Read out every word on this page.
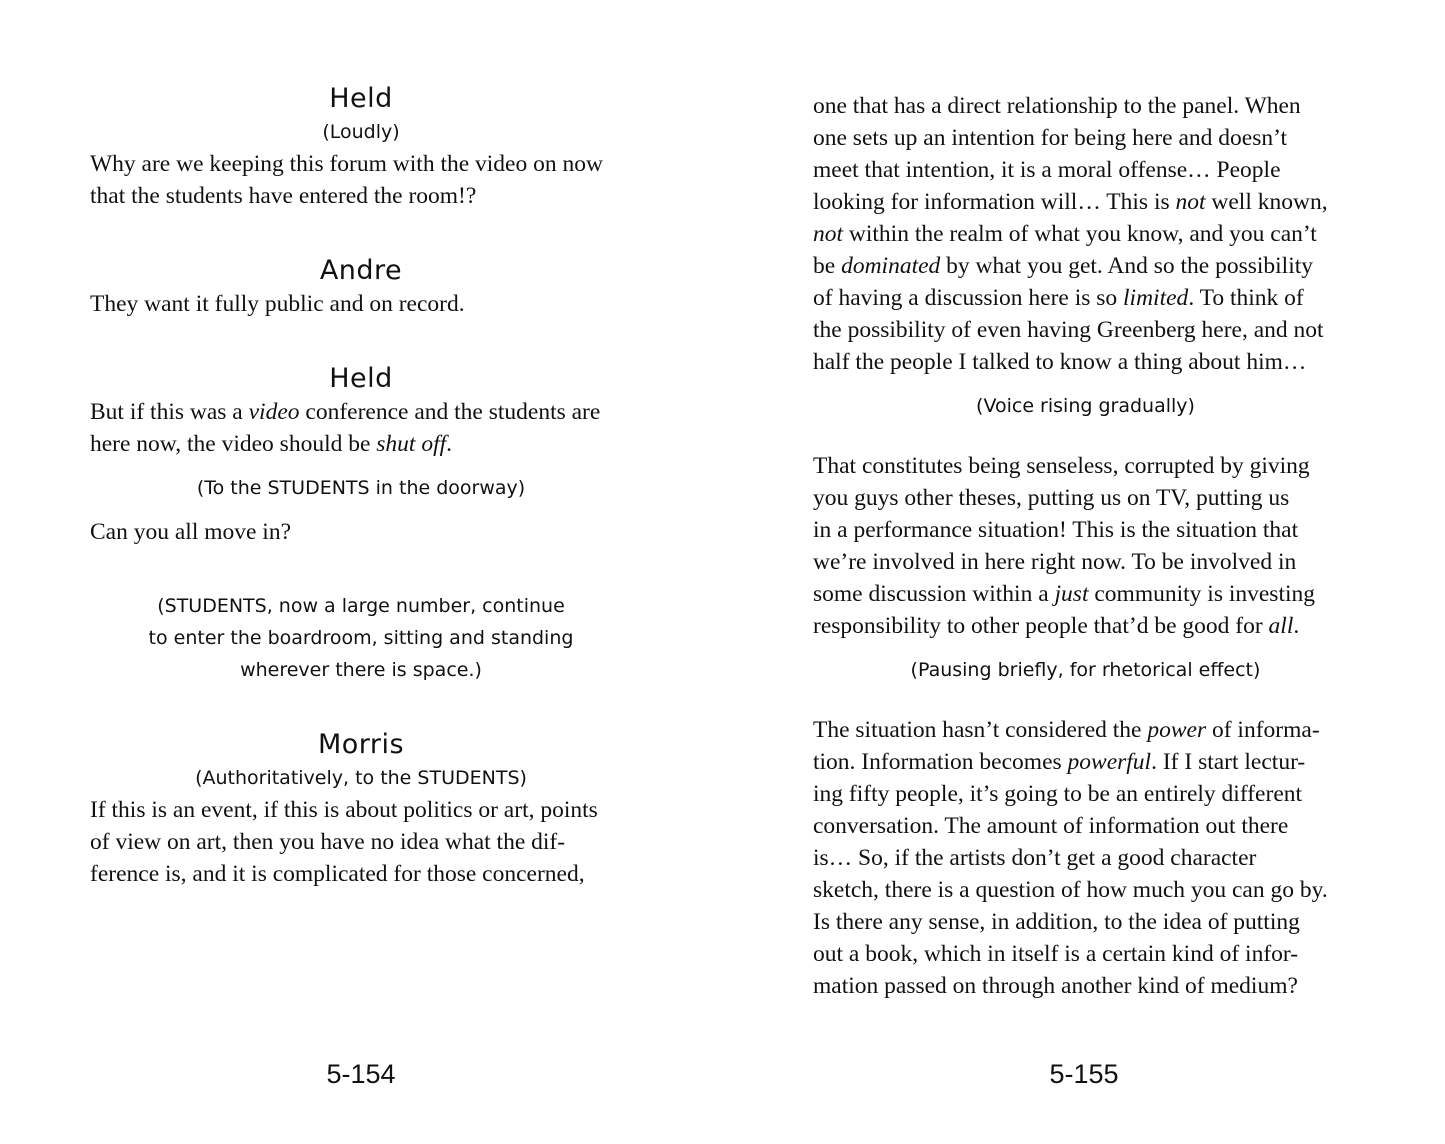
Held
(Loudly)

Why are we keeping this forum with the video on now

that the students have entered the room!?

Andre

They want it fully public and on record.

Held

But if this was a video conference and the students are

here now, the video should be shut off.

(To the STUDENTS in the doorway)

Can you all move in?

(STUDENTS, now a large number, continue
to enter the boardroom, sitting and standing
wherever there is space.)
Morris
(Authoritatively, to the STUDENTS)

If this is an event, if this is about politics or art, points

of view on art, then you have no idea what the dif-

ference is, and it is complicated for those concerned,

5-154

one that has a direct relationship to the panel. When

one sets up an intention for being here and doesn’t

meet that intention, it is a moral offense… People

looking for information will… This is not well known,

not within the realm of what you know, and you can’t

be dominated by what you get. And so the possibility

of having a discussion here is so limited. To think of

the possibility of even having Greenberg here, and not

half the people I talked to know a thing about him…

(Voice rising gradually)

That constitutes being senseless, corrupted by giving

you guys other theses, putting us on TV, putting us

in a performance situation! This is the situation that

we’re involved in here right now. To be involved in

some discussion within a just community is investing

responsibility to other people that’d be good for all.

(Pausing briefly, for rhetorical effect)

The situation hasn’t considered the power of informa-

tion. Information becomes powerful. If I start lectur-

ing fifty people, it’s going to be an entirely different

conversation. The amount of information out there

is… So, if the artists don’t get a good character

sketch, there is a question of how much you can go by.

Is there any sense, in addition, to the idea of putting

out a book, which in itself is a certain kind of infor-

mation passed on through another kind of medium?

5-155
